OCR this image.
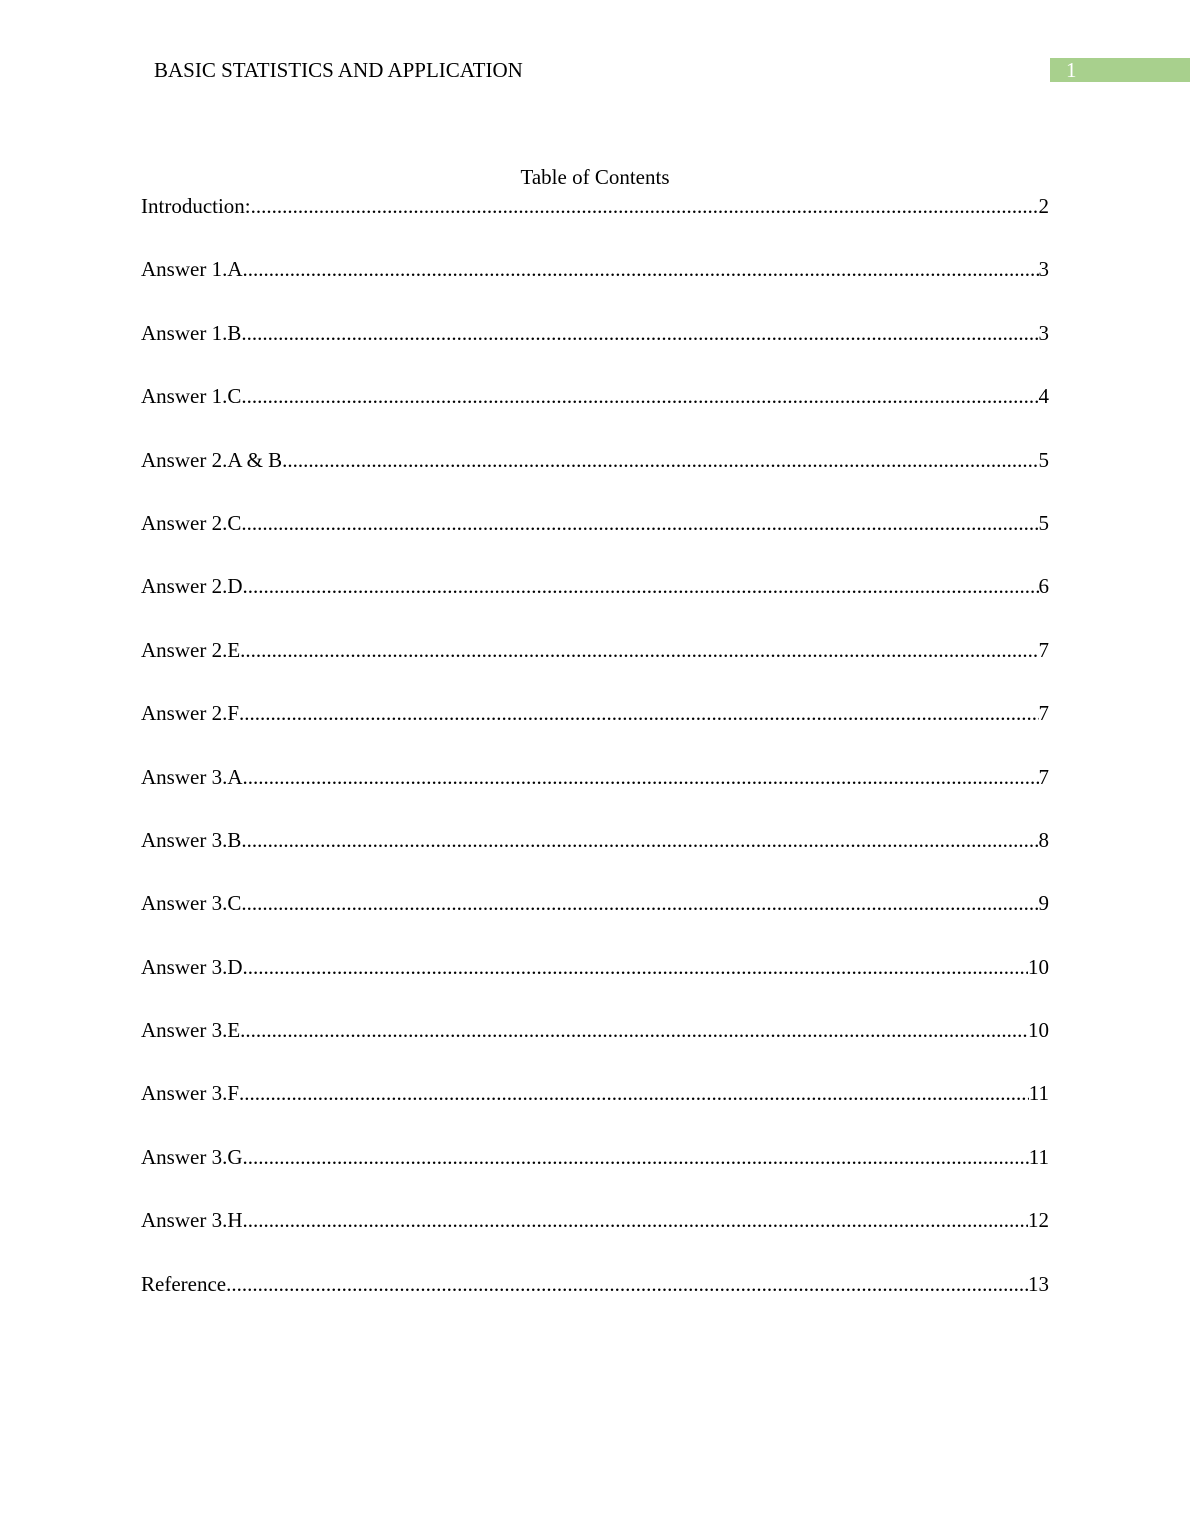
BASIC STATISTICS AND APPLICATION	1
Table of Contents
Introduction: .....	2
Answer 1.A .....	3
Answer 1.B .....	3
Answer 1.C .....	4
Answer 2.A & B .....	5
Answer 2.C .....	5
Answer 2.D .....	6
Answer 2.E .....	7
Answer 2.F .....	7
Answer 3.A .....	7
Answer 3.B .....	8
Answer 3.C .....	9
Answer 3.D .....	10
Answer 3.E .....	10
Answer 3.F .....	11
Answer 3.G .....	11
Answer 3.H .....	12
Reference .....	13
